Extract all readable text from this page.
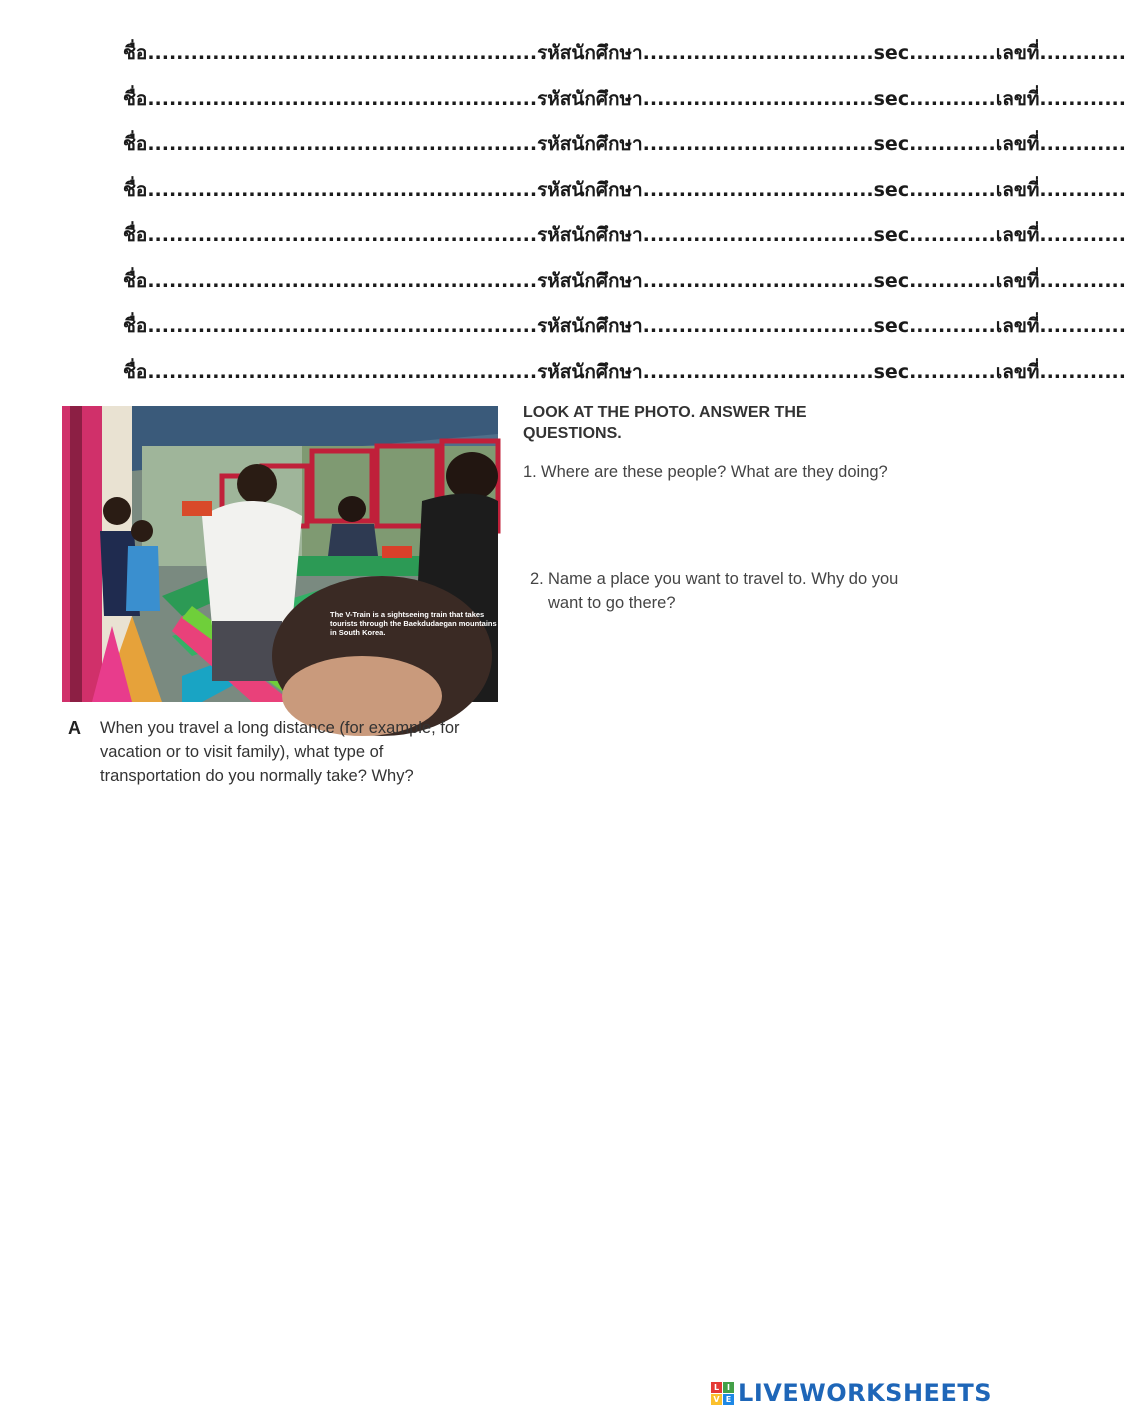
ชื่อ......................................................รหัสนักศึกษา................................sec............เลขที่............
ชื่อ......................................................รหัสนักศึกษา................................sec............เลขที่............
ชื่อ......................................................รหัสนักศึกษา................................sec............เลขที่............
ชื่อ......................................................รหัสนักศึกษา................................sec............เลขที่............
ชื่อ......................................................รหัสนักศึกษา................................sec............เลขที่............
ชื่อ......................................................รหัสนักศึกษา................................sec............เลขที่............
ชื่อ......................................................รหัสนักศึกษา................................sec............เลขที่............
ชื่อ......................................................รหัสนักศึกษา................................sec............เลขที่............
The V-Train is a sightseeing train that takes tourists through the Baekdudaegan mountains in South Korea.
A When you travel a long distance (for example, for vacation or to visit family), what type of transportation do you normally take? Why?
LOOK AT THE PHOTO. ANSWER THE QUESTIONS.
1. Where are these people? What are they doing?
2. Name a place you want to travel to. Why do you want to go there?
L I
V E LIVEWORKSHEETS
